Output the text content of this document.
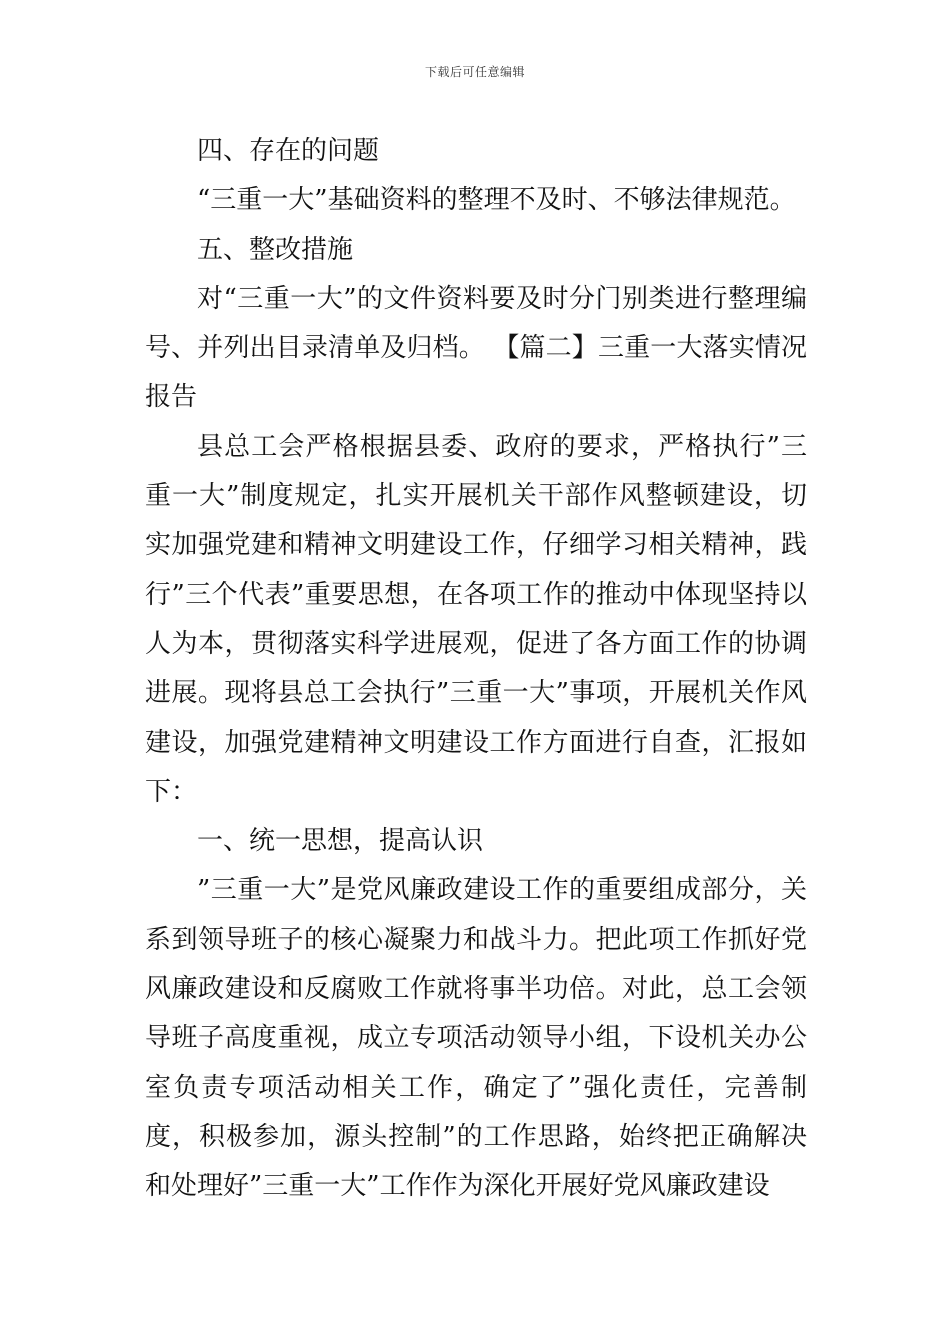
下载后可任意编辑

四、存在的问题

“三重一大”基础资料的整理不及时、不够法律规范。

五、整改措施

对“三重一大”的文件资料要及时分门别类进行整理编号、并列出目录清单及归档。 【篇二】三重一大落实情况报告

县总工会严格根据县委、政府的要求，严格执行”三重一大”制度规定，扎实开展机关干部作风整顿建设，切实加强党建和精神文明建设工作，仔细学习相关精神，践行”三个代表”重要思想，在各项工作的推动中体现坚持以人为本，贯彻落实科学进展观，促进了各方面工作的协调进展。现将县总工会执行”三重一大”事项，开展机关作风建设，加强党建精神文明建设工作方面进行自查，汇报如下：

一、统一思想，提高认识

”三重一大”是党风廉政建设工作的重要组成部分，关系到领导班子的核心凝聚力和战斗力。把此项工作抓好党风廉政建设和反腐败工作就将事半功倍。对此，总工会领导班子高度重视，成立专项活动领导小组，下设机关办公室负责专项活动相关工作，确定了”强化责任，完善制度，积极参加，源头控制”的工作思路，始终把正确解决和处理好”三重一大”工作作为深化开展好党风廉政建设
